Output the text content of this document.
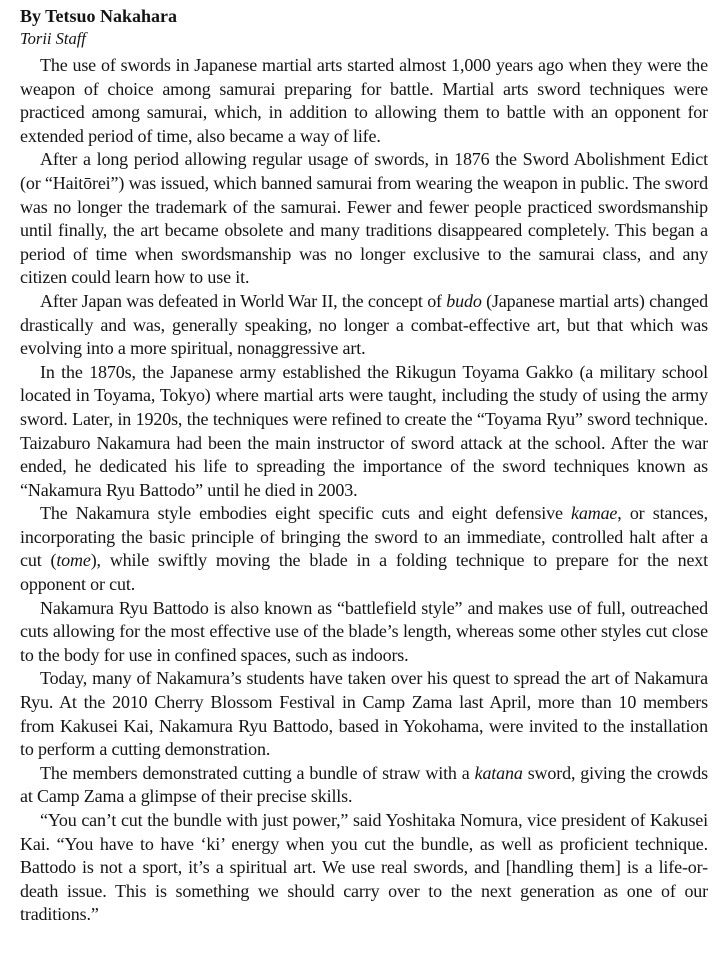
By Tetsuo Nakahara

Torii Staff

The use of swords in Japanese martial arts started almost 1,000 years ago when they were the weapon of choice among samurai preparing for battle. Martial arts sword techniques were practiced among samurai, which, in addition to allowing them to battle with an opponent for extended period of time, also became a way of life.

After a long period allowing regular usage of swords, in 1876 the Sword Abolishment Edict (or “Haitōrei”) was issued, which banned samurai from wearing the weapon in public. The sword was no longer the trademark of the samurai. Fewer and fewer people practiced swordsmanship until finally, the art became obsolete and many traditions disappeared completely. This began a period of time when swordsmanship was no longer exclusive to the samurai class, and any citizen could learn how to use it.

After Japan was defeated in World War II, the concept of budo (Japanese martial arts) changed drastically and was, generally speaking, no longer a combat-effective art, but that which was evolving into a more spiritual, nonaggressive art.

In the 1870s, the Japanese army established the Rikugun Toyama Gakko (a military school located in Toyama, Tokyo) where martial arts were taught, including the study of using the army sword. Later, in 1920s, the techniques were refined to create the “Toyama Ryu” sword technique. Taizaburo Nakamura had been the main instructor of sword attack at the school. After the war ended, he dedicated his life to spreading the importance of the sword techniques known as “Nakamura Ryu Battodo” until he died in 2003.

The Nakamura style embodies eight specific cuts and eight defensive kamae, or stances, incorporating the basic principle of bringing the sword to an immediate, controlled halt after a cut (tome), while swiftly moving the blade in a folding technique to prepare for the next opponent or cut.

Nakamura Ryu Battodo is also known as “battlefield style” and makes use of full, outreached cuts allowing for the most effective use of the blade’s length, whereas some other styles cut close to the body for use in confined spaces, such as indoors.

Today, many of Nakamura’s students have taken over his quest to spread the art of Nakamura Ryu. At the 2010 Cherry Blossom Festival in Camp Zama last April, more than 10 members from Kakusei Kai, Nakamura Ryu Battodo, based in Yokohama, were invited to the installation to perform a cutting demonstration.

The members demonstrated cutting a bundle of straw with a katana sword, giving the crowds at Camp Zama a glimpse of their precise skills.

“You can’t cut the bundle with just power,” said Yoshitaka Nomura, vice president of Kakusei Kai. “You have to have ‘ki’ energy when you cut the bundle, as well as proficient technique. Battodo is not a sport, it’s a spiritual art. We use real swords, and [handling them] is a life-or-death issue. This is something we should carry over to the next generation as one of our traditions.”
